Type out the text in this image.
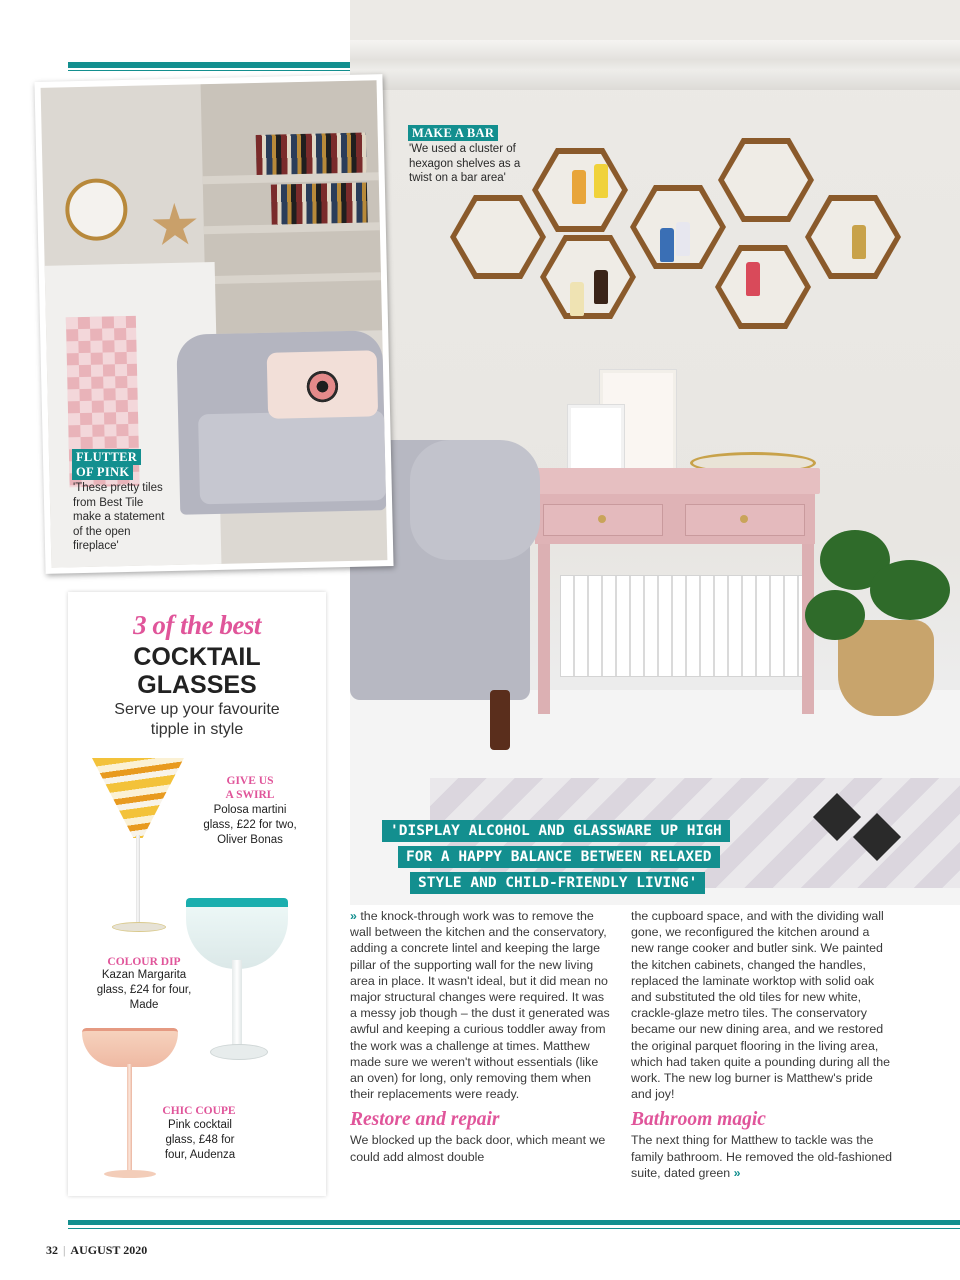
MAKE A BAR
'We used a cluster of hexagon shelves as a twist on a bar area'
FLUTTER
OF PINK
'These pretty tiles from Best Tile make a statement of the open fireplace'
3 of the best
COCKTAIL
GLASSES
Serve up your favourite
tipple in style
GIVE US
A SWIRL
Polosa martini glass, £22 for two, Oliver Bonas
COLOUR DIP
Kazan Margarita glass, £24 for four, Made
CHIC COUPE
Pink cocktail glass, £48 for four, Audenza
'DISPLAY ALCOHOL AND GLASSWARE UP HIGH
FOR A HAPPY BALANCE BETWEEN RELAXED
STYLE AND CHILD-FRIENDLY LIVING'

» the knock-through work was to remove the wall between the kitchen and the conservatory, adding a concrete lintel and keeping the large pillar of the supporting wall for the new living area in place. It wasn't ideal, but it did mean no major structural changes were required. It was a messy job though – the dust it generated was awful and keeping a curious toddler away from the work was a challenge at times. Matthew made sure we weren't without essentials (like an oven) for long, only removing them when their replacements were ready.

Restore and repair

We blocked up the back door, which meant we could add almost double

the cupboard space, and with the dividing wall gone, we reconfigured the kitchen around a new range cooker and butler sink. We painted the kitchen cabinets, changed the handles, replaced the laminate worktop with solid oak and substituted the old tiles for new white, crackle-glaze metro tiles. The conservatory became our new dining area, and we restored the original parquet flooring in the living area, which had taken quite a pounding during all the work. The new log burner is Matthew's pride and joy!

Bathroom magic

The next thing for Matthew to tackle was the family bathroom. He removed the old-fashioned suite, dated green »

32 | AUGUST 2020
